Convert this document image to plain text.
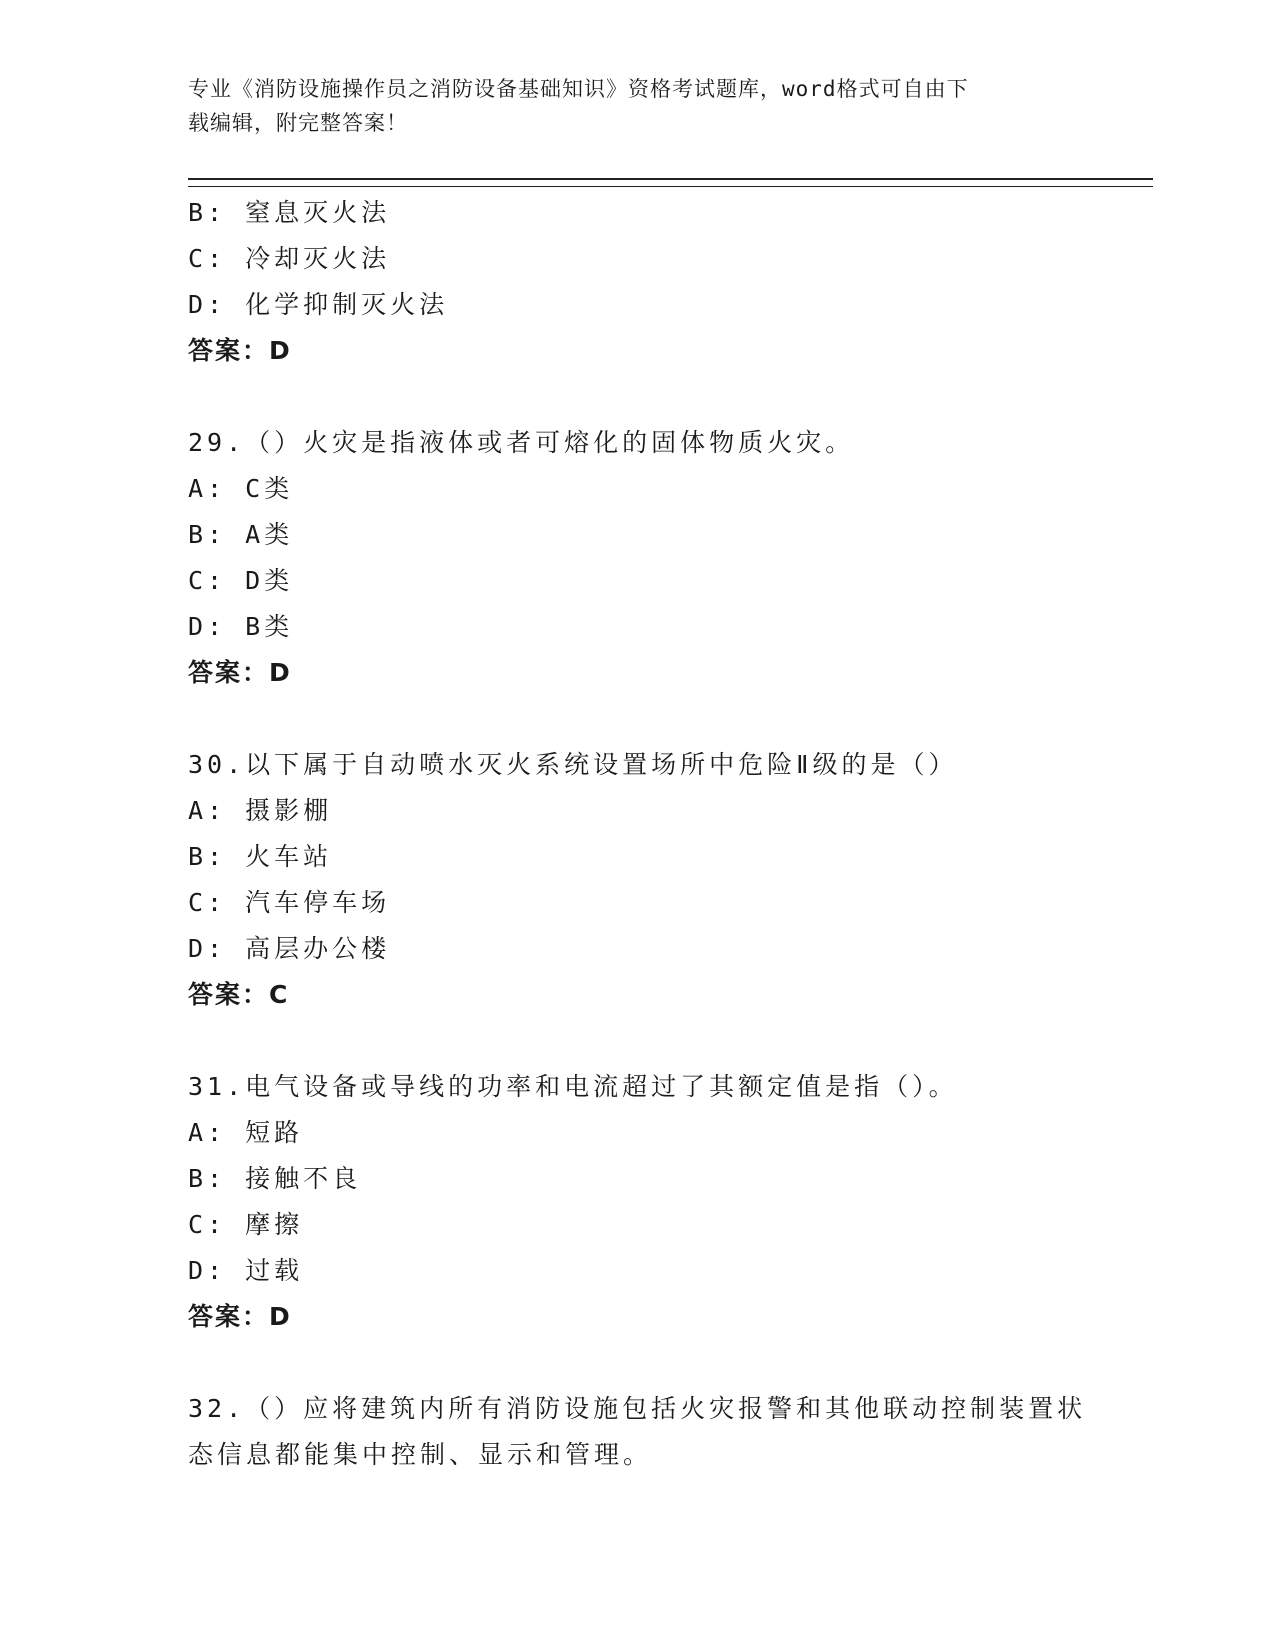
专业《消防设施操作员之消防设备基础知识》资格考试题库，word格式可自由下
载编辑，附完整答案！
B: 窒息灭火法
C: 冷却灭火法
D: 化学抑制灭火法
答案：D
29.（）火灾是指液体或者可熔化的固体物质火灾。
A: C类
B: A类
C: D类
D: B类
答案：D
30.以下属于自动喷水灭火系统设置场所中危险Ⅱ级的是（）
A: 摄影棚
B: 火车站
C: 汽车停车场
D: 高层办公楼
答案：C
31.电气设备或导线的功率和电流超过了其额定值是指（）。
A: 短路
B: 接触不良
C: 摩擦
D: 过载
答案：D
32.（）应将建筑内所有消防设施包括火灾报警和其他联动控制装置状态信息都能集中控制、显示和管理。
